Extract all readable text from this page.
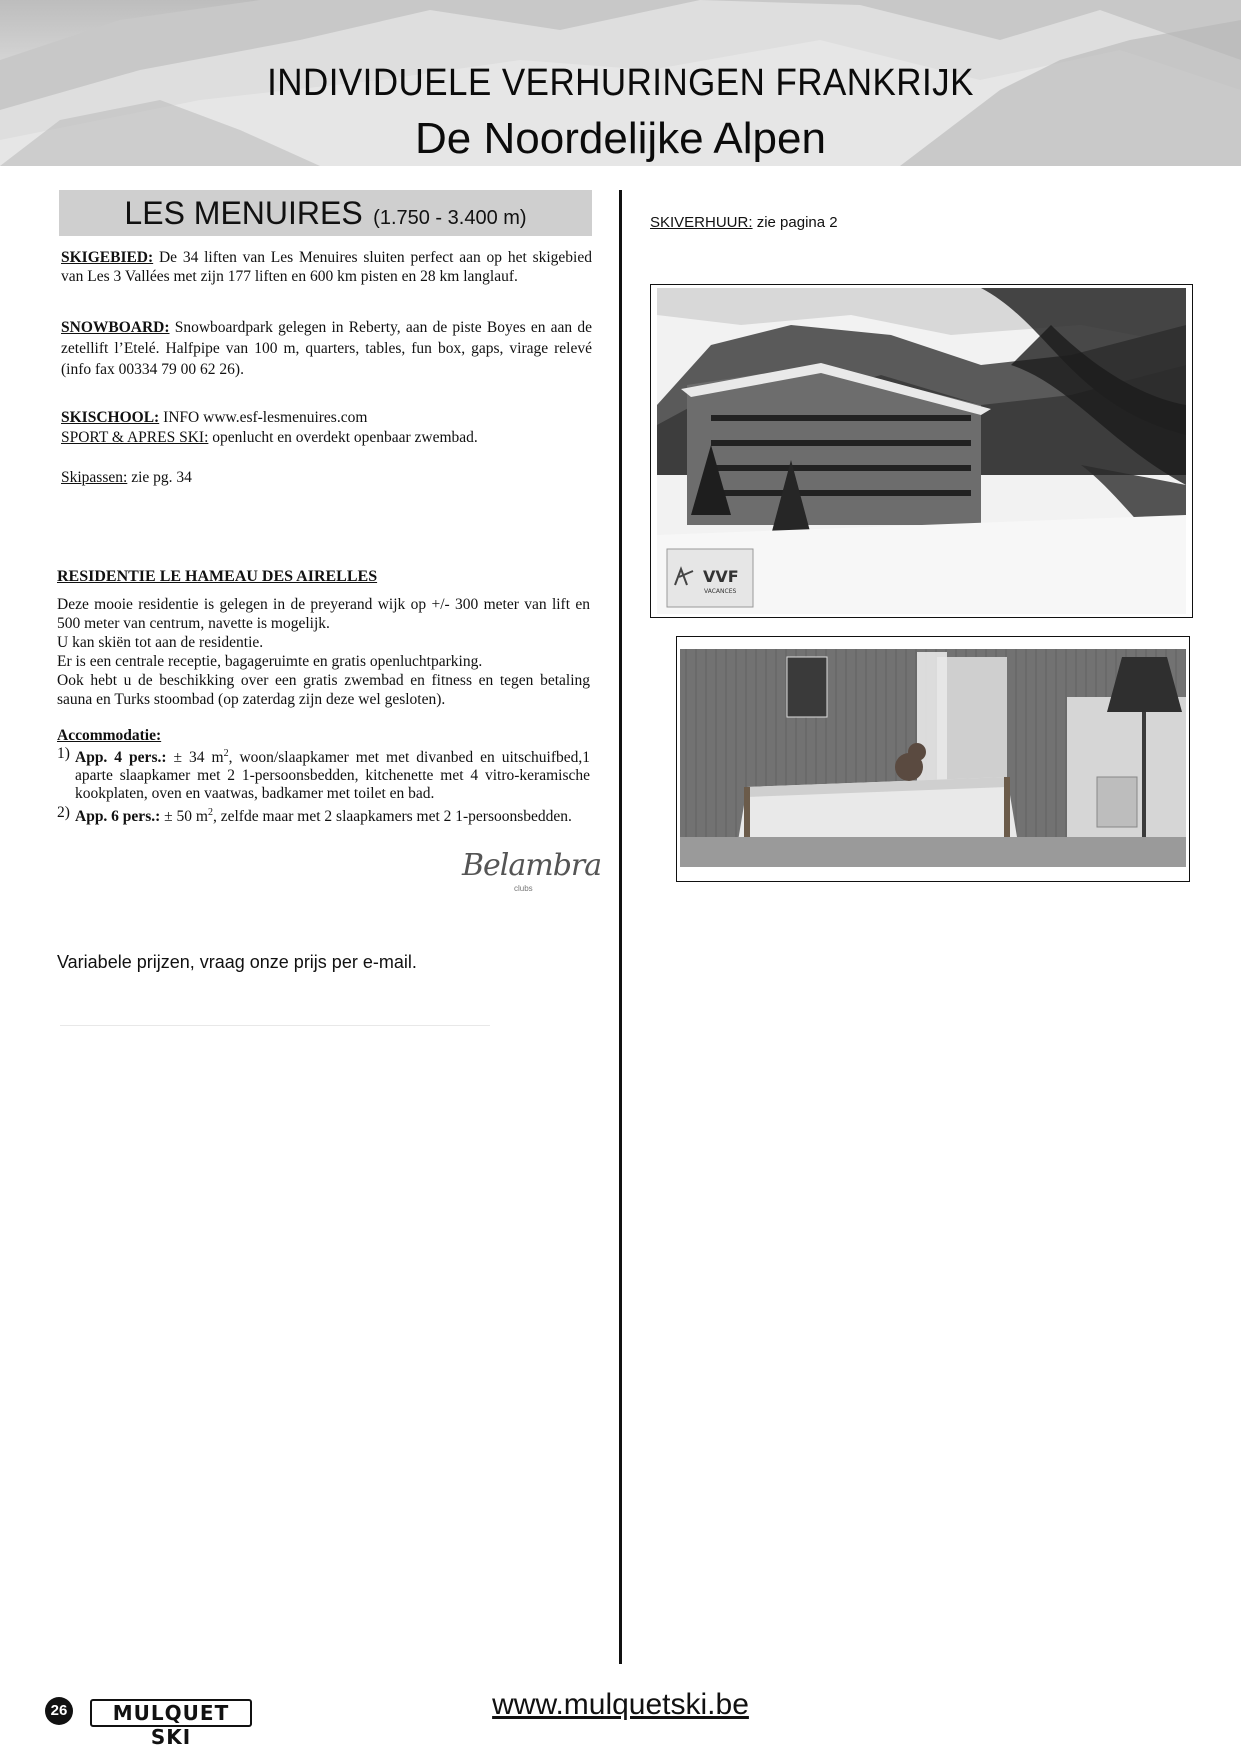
INDIVIDUELE VERHURINGEN FRANKRIJK
De Noordelijke Alpen
LES MENUIRES (1.750 - 3.400 m)
SKIGEBIED: De 34 liften van Les Menuires sluiten perfect aan op het skigebied van Les 3 Vallées met zijn 177 liften en 600 km pisten en 28 km langlauf.
SNOWBOARD: Snowboardpark gelegen in Reberty, aan de piste Boyes en aan de zetellift l’Etelé. Halfpipe van 100 m, quarters, tables, fun box, gaps, virage relevé (info fax 00334 79 00 62 26).
SKISCHOOL: INFO www.esf-lesmenuires.com
SPORT & APRES SKI: openlucht en overdekt openbaar zwembad.
Skipassen: zie pg. 34
RESIDENTIE LE HAMEAU DES AIRELLES
Deze mooie residentie is gelegen in de preyerand wijk op +/- 300 meter van lift en 500 meter van centrum, navette is mogelijk.
U kan skiën tot aan de residentie.
Er is een centrale receptie, bagageruimte en gratis openluchtparking.
Ook hebt u de beschikking over een gratis zwembad en fitness en tegen betaling sauna en Turks stoombad (op zaterdag zijn deze wel gesloten).
Accommodatie:
1) App. 4 pers.: ± 34 $m^2$, woon/slaapkamer met met divanbed en uitschuifbed,1 aparte slaapkamer met 2 1-persoonsbedden, kitchenette met 4 vitro-keramische kookplaten, oven en vaatwas, badkamer met toilet en bad.
2) App. 6 pers.: ± 50 $m^2$, zelfde maar met 2 slaapkamers met 2 1-persoonsbedden.
Belambra
clubs
Variabele prijzen, vraag onze prijs per e-mail.
SKIVERHUUR: zie pagina 2
VVF
VACANCES
26	MULQUET SKI
www.mulquetski.be
